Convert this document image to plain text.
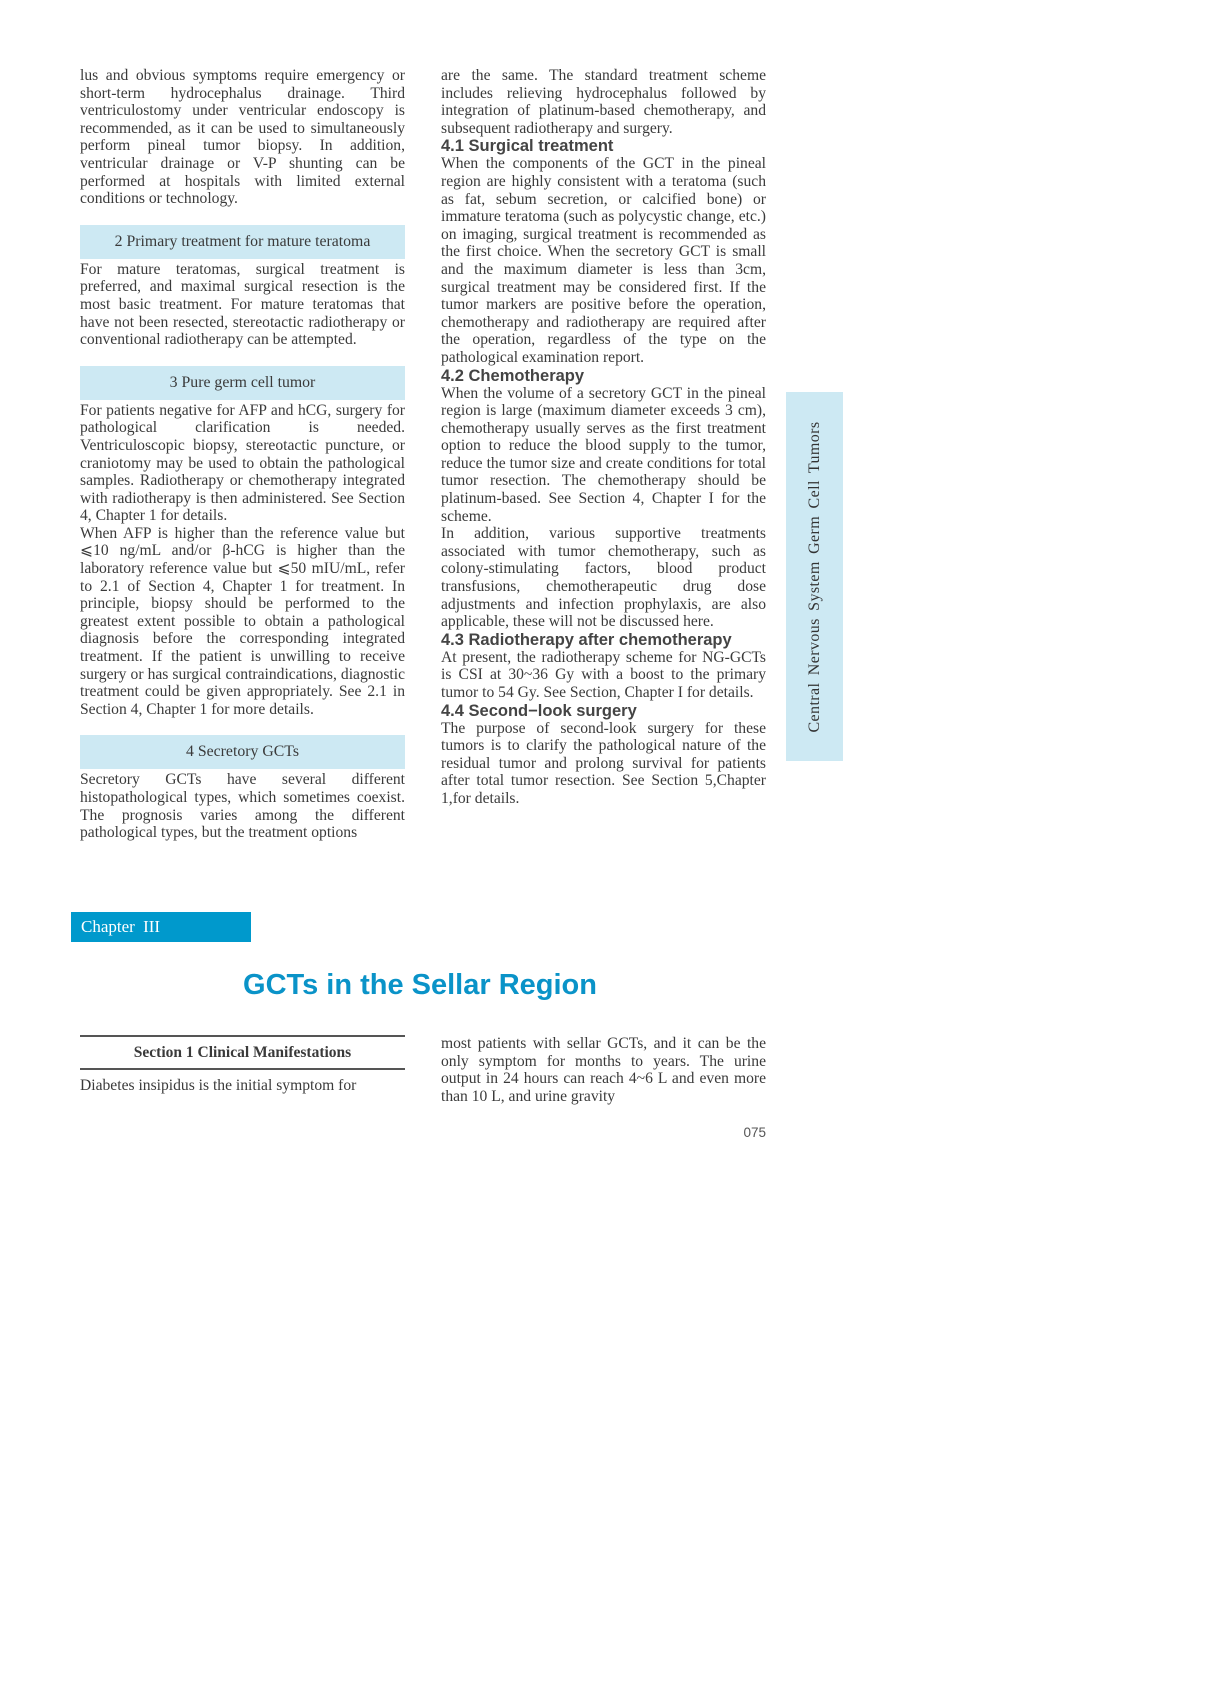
lus and obvious symptoms require emergency or short-term hydrocephalus drainage. Third ventriculostomy under ventricular endoscopy is recommended, as it can be used to simultaneously perform pineal tumor biopsy. In addition, ventricular drainage or V-P shunting can be performed at hospitals with limited external conditions or technology.

2 Primary treatment for mature teratoma

For mature teratomas, surgical treatment is preferred, and maximal surgical resection is the most basic treatment. For mature teratomas that have not been resected, stereotactic radiotherapy or conventional radiotherapy can be attempted.

3 Pure germ cell tumor

For patients negative for AFP and hCG, surgery for pathological clarification is needed. Ventriculoscopic biopsy, stereotactic puncture, or craniotomy may be used to obtain the pathological samples. Radiotherapy or chemotherapy integrated with radiotherapy is then administered. See Section 4, Chapter 1 for details.

When AFP is higher than the reference value but ⩽10 ng/mL and/or β-hCG is higher than the laboratory reference value but ⩽50 mIU/mL, refer to 2.1 of Section 4, Chapter 1 for treatment. In principle, biopsy should be performed to the greatest extent possible to obtain a pathological diagnosis before the corresponding integrated treatment. If the patient is unwilling to receive surgery or has surgical contraindications, diagnostic treatment could be given appropriately. See 2.1 in Section 4, Chapter 1 for more details.

4 Secretory GCTs

Secretory GCTs have several different histopathological types, which sometimes coexist. The prognosis varies among the different pathological types, but the treatment options

are the same. The standard treatment scheme includes relieving hydrocephalus followed by integration of platinum-based chemotherapy, and subsequent radiotherapy and surgery.

4.1 Surgical treatment

When the components of the GCT in the pineal region are highly consistent with a teratoma (such as fat, sebum secretion, or calcified bone) or immature teratoma (such as polycystic change, etc.) on imaging, surgical treatment is recommended as the first choice. When the secretory GCT is small and the maximum diameter is less than 3cm, surgical treatment may be considered first. If the tumor markers are positive before the operation, chemotherapy and radiotherapy are required after the operation, regardless of the type on the pathological examination report.

4.2 Chemotherapy

When the volume of a secretory GCT in the pineal region is large (maximum diameter exceeds 3 cm), chemotherapy usually serves as the first treatment option to reduce the blood supply to the tumor, reduce the tumor size and create conditions for total tumor resection. The chemotherapy should be platinum-based. See Section 4, Chapter I for the scheme.

In addition, various supportive treatments associated with tumor chemotherapy, such as colony-stimulating factors, blood product transfusions, chemotherapeutic drug dose adjustments and infection prophylaxis, are also applicable, these will not be discussed here.

4.3 Radiotherapy after chemotherapy

At present, the radiotherapy scheme for NG-GCTs is CSI at 30~36 Gy with a boost to the primary tumor to 54 Gy. See Section, Chapter I for details.

4.4 Second−look surgery

The purpose of second-look surgery for these tumors is to clarify the pathological nature of the residual tumor and prolong survival for patients after total tumor resection. See Section 5,Chapter 1,for details.

Central Nervous System Germ Cell Tumors
Chapter III
GCTs in the Sellar Region
Section 1 Clinical Manifestations

Diabetes insipidus is the initial symptom for

most patients with sellar GCTs, and it can be the only symptom for months to years. The urine output in 24 hours can reach 4~6 L and even more than 10 L, and urine gravity

075
